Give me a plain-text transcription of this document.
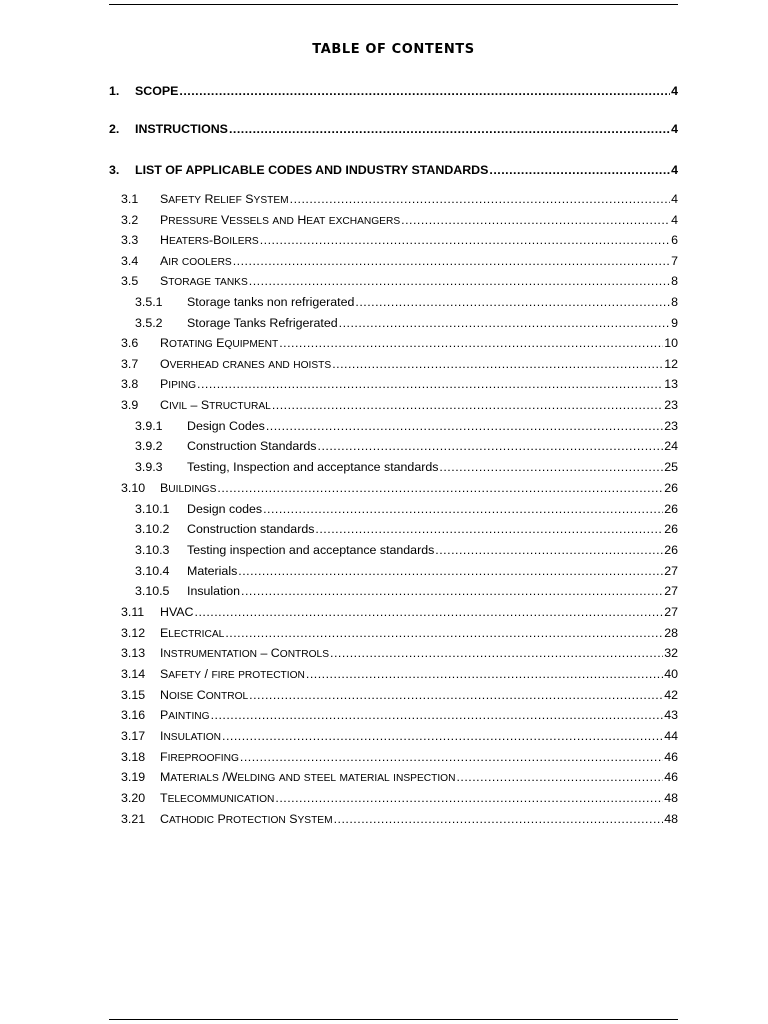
TABLE OF CONTENTS
1.	SCOPE .....	4
2.	INSTRUCTIONS .....	4
3.	LIST OF APPLICABLE CODES AND INDUSTRY STANDARDS .....	4
3.1	SAFETY RELIEF SYSTEM .....	4
3.2	PRESSURE VESSELS AND HEAT EXCHANGERS .....	4
3.3	HEATERS-BOILERS .....	6
3.4	AIR COOLERS .....	7
3.5	STORAGE TANKS .....	8
3.5.1	Storage tanks non refrigerated .....	8
3.5.2	Storage Tanks Refrigerated .....	9
3.6	ROTATING EQUIPMENT .....	10
3.7	OVERHEAD CRANES AND HOISTS .....	12
3.8	PIPING .....	13
3.9	CIVIL – STRUCTURAL .....	23
3.9.1	Design Codes .....	23
3.9.2	Construction Standards .....	24
3.9.3	Testing, Inspection and acceptance standards .....	25
3.10	BUILDINGS .....	26
3.10.1	Design codes .....	26
3.10.2	Construction standards .....	26
3.10.3	Testing inspection and acceptance standards .....	26
3.10.4	Materials .....	27
3.10.5	Insulation .....	27
3.11	HVAC .....	27
3.12	ELECTRICAL .....	28
3.13	INSTRUMENTATION – CONTROLS .....	32
3.14	SAFETY / FIRE PROTECTION .....	40
3.15	NOISE CONTROL .....	42
3.16	PAINTING .....	43
3.17	INSULATION .....	44
3.18	FIREPROOFING .....	46
3.19	MATERIALS /WELDING AND STEEL MATERIAL INSPECTION .....	46
3.20	TELECOMMUNICATION .....	48
3.21	CATHODIC PROTECTION SYSTEM .....	48
